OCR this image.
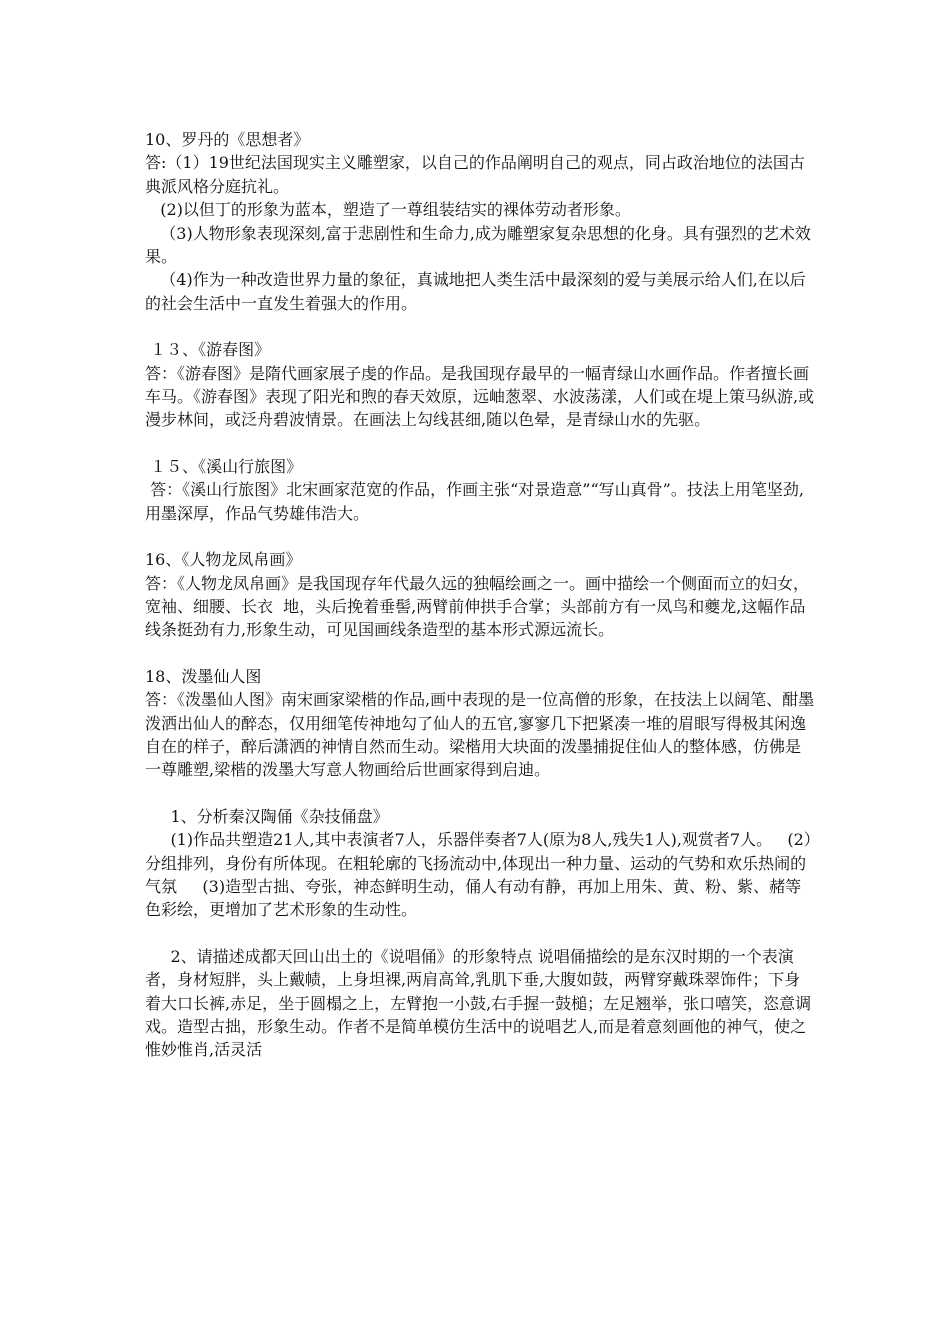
10、罗丹的《思想者》

答:（1）19世纪法国现实主义雕塑家，以自己的作品阐明自己的观点，同占政治地位的法国古典派风格分庭抗礼。

(2)以但丁的形象为蓝本，塑造了一尊组装结实的裸体劳动者形象。

（3)人物形象表现深刻,富于悲剧性和生命力,成为雕塑家复杂思想的化身。具有强烈的艺术效果。

（4)作为一种改造世界力量的象征，真诚地把人类生活中最深刻的爱与美展示给人们,在以后的社会生活中一直发生着强大的作用。

１３、《游春图》

答：《游春图》是隋代画家展子虔的作品。是我国现存最早的一幅青绿山水画作品。作者擅长画车马。《游春图》表现了阳光和煦的春天效原，远岫葱翠、水波荡漾，人们或在堤上策马纵游,或漫步林间，或泛舟碧波情景。在画法上勾线甚细,随以色晕，是青绿山水的先驱。

１５、《溪山行旅图》

答：《溪山行旅图》北宋画家范宽的作品，作画主张“对景造意”“写山真骨”。技法上用笔坚劲,用墨深厚，作品气势雄伟浩大。

16、《人物龙凤帛画》

答：《人物龙凤帛画》是我国现存年代最久远的独幅绘画之一。画中描绘一个侧面而立的妇女，宽袖、细腰、长衣  地，头后挽着垂髻,两臂前伸拱手合掌；头部前方有一凤鸟和夔龙,这幅作品线条挺劲有力,形象生动，可见国画线条造型的基本形式源远流长。

18、泼墨仙人图

答：《泼墨仙人图》南宋画家梁楷的作品,画中表现的是一位高僧的形象，在技法上以阔笔、酣墨泼洒出仙人的醉态，仅用细笔传神地勾了仙人的五官,寥寥几下把紧凑一堆的眉眼写得极其闲逸自在的样子，醉后潇洒的神情自然而生动。梁楷用大块面的泼墨捕捉住仙人的整体感，仿佛是一尊雕塑,梁楷的泼墨大写意人物画给后世画家得到启迪。

1、分析秦汉陶俑《杂技俑盘》

(1)作品共塑造21人,其中表演者7人，乐器伴奏者7人(原为8人,残失1人),观赏者7人。   (2）分组排列，身份有所体现。在粗轮廓的飞扬流动中,体现出一种力量、运动的气势和欢乐热闹的气氛     (3)造型古拙、夸张，神态鲜明生动，俑人有动有静，再加上用朱、黄、粉、紫、赭等色彩绘，更增加了艺术形象的生动性。

2、请描述成都天回山出土的《说唱俑》的形象特点 说唱俑描绘的是东汉时期的一个表演者，身材短胖，头上戴帻，上身坦裸,两肩高耸,乳肌下垂,大腹如鼓，两臂穿戴珠翠饰件；下身着大口长裤,赤足，坐于圆榻之上，左臂抱一小鼓,右手握一鼓槌；左足翘举，张口嘻笑，恣意调戏。造型古拙，形象生动。作者不是简单模仿生活中的说唱艺人,而是着意刻画他的神气，使之惟妙惟肖,活灵活
